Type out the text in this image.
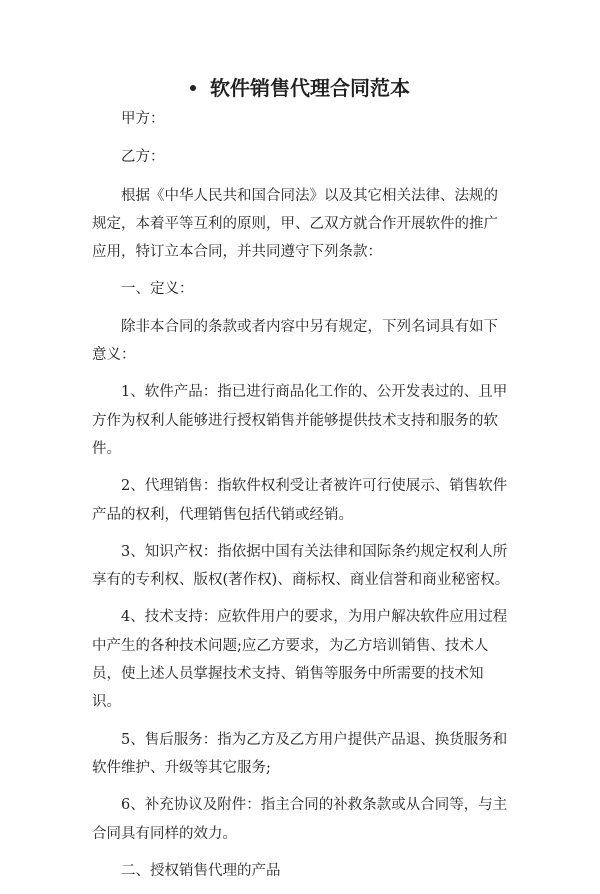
软件销售代理合同范本

甲方：

乙方：

根据《中华人民共和国合同法》以及其它相关法律、法规的规定，本着平等互利的原则，甲、乙双方就合作开展软件的推广应用，特订立本合同，并共同遵守下列条款：

一、定义：

除非本合同的条款或者内容中另有规定，下列名词具有如下意义：

1、软件产品：指已进行商品化工作的、公开发表过的、且甲方作为权利人能够进行授权销售并能够提供技术支持和服务的软件。

2、代理销售：指软件权利受让者被许可行使展示、销售软件产品的权利，代理销售包括代销或经销。

3、知识产权：指依据中国有关法律和国际条约规定权利人所享有的专利权、版权(著作权)、商标权、商业信誉和商业秘密权。

4、技术支持：应软件用户的要求，为用户解决软件应用过程中产生的各种技术问题;应乙方要求，为乙方培训销售、技术人员，使上述人员掌握技术支持、销售等服务中所需要的技术知识。

5、售后服务：指为乙方及乙方用户提供产品退、换货服务和软件维护、升级等其它服务;

6、补充协议及附件：指主合同的补救条款或从合同等，与主合同具有同样的效力。

二、授权销售代理的产品
